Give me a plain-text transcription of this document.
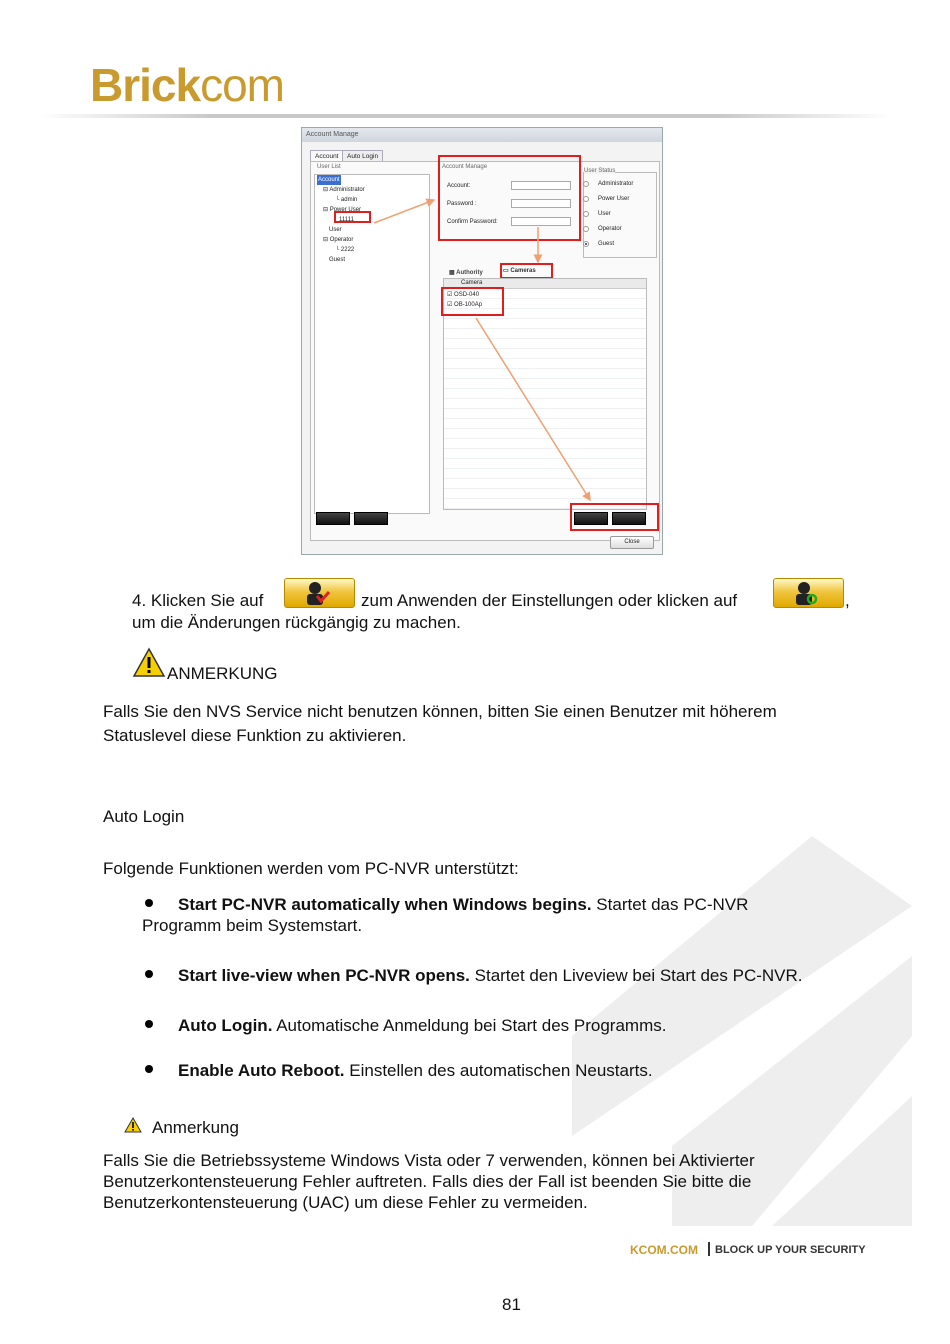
Brickcom
Account Manage
Account	Auto Login
User List
Account
⊟ Administrator
└ admin
⊟ Power User
11111
User
⊟ Operator
└ 2222
Guest
Account Manage
Account:
Password :
Confirm Password:
User Status
Administrator
Power User
User
Operator
Guest
▦ Authority	▭ Cameras
Camera
☑ OSD-040
☑ OB-100Ap
Close
4. Klicken Sie auf	zum Anwenden der Einstellungen oder klicken auf	,
um die Änderungen rückgängig zu machen.
ANMERKUNG
Falls Sie den NVS Service nicht benutzen können, bitten Sie einen Benutzer mit höherem
Statuslevel diese Funktion zu aktivieren.
Auto Login
Folgende Funktionen werden vom PC-NVR unterstützt:
Start PC-NVR automatically when Windows begins. Startet das PC-NVR
Programm beim Systemstart.
Start live-view when PC-NVR opens. Startet den Liveview bei Start des PC-NVR.
Auto Login. Automatische Anmeldung bei Start des Programms.
Enable Auto Reboot. Einstellen des automatischen Neustarts.
Anmerkung
Falls Sie die Betriebssysteme Windows Vista oder 7 verwenden, können bei Aktivierter
Benutzerkontensteuerung Fehler auftreten. Falls dies der Fall ist beenden Sie bitte die
Benutzerkontensteuerung (UAC) um diese Fehler zu vermeiden.
KCOM.COM BLOCK UP YOUR SECURITY
81
